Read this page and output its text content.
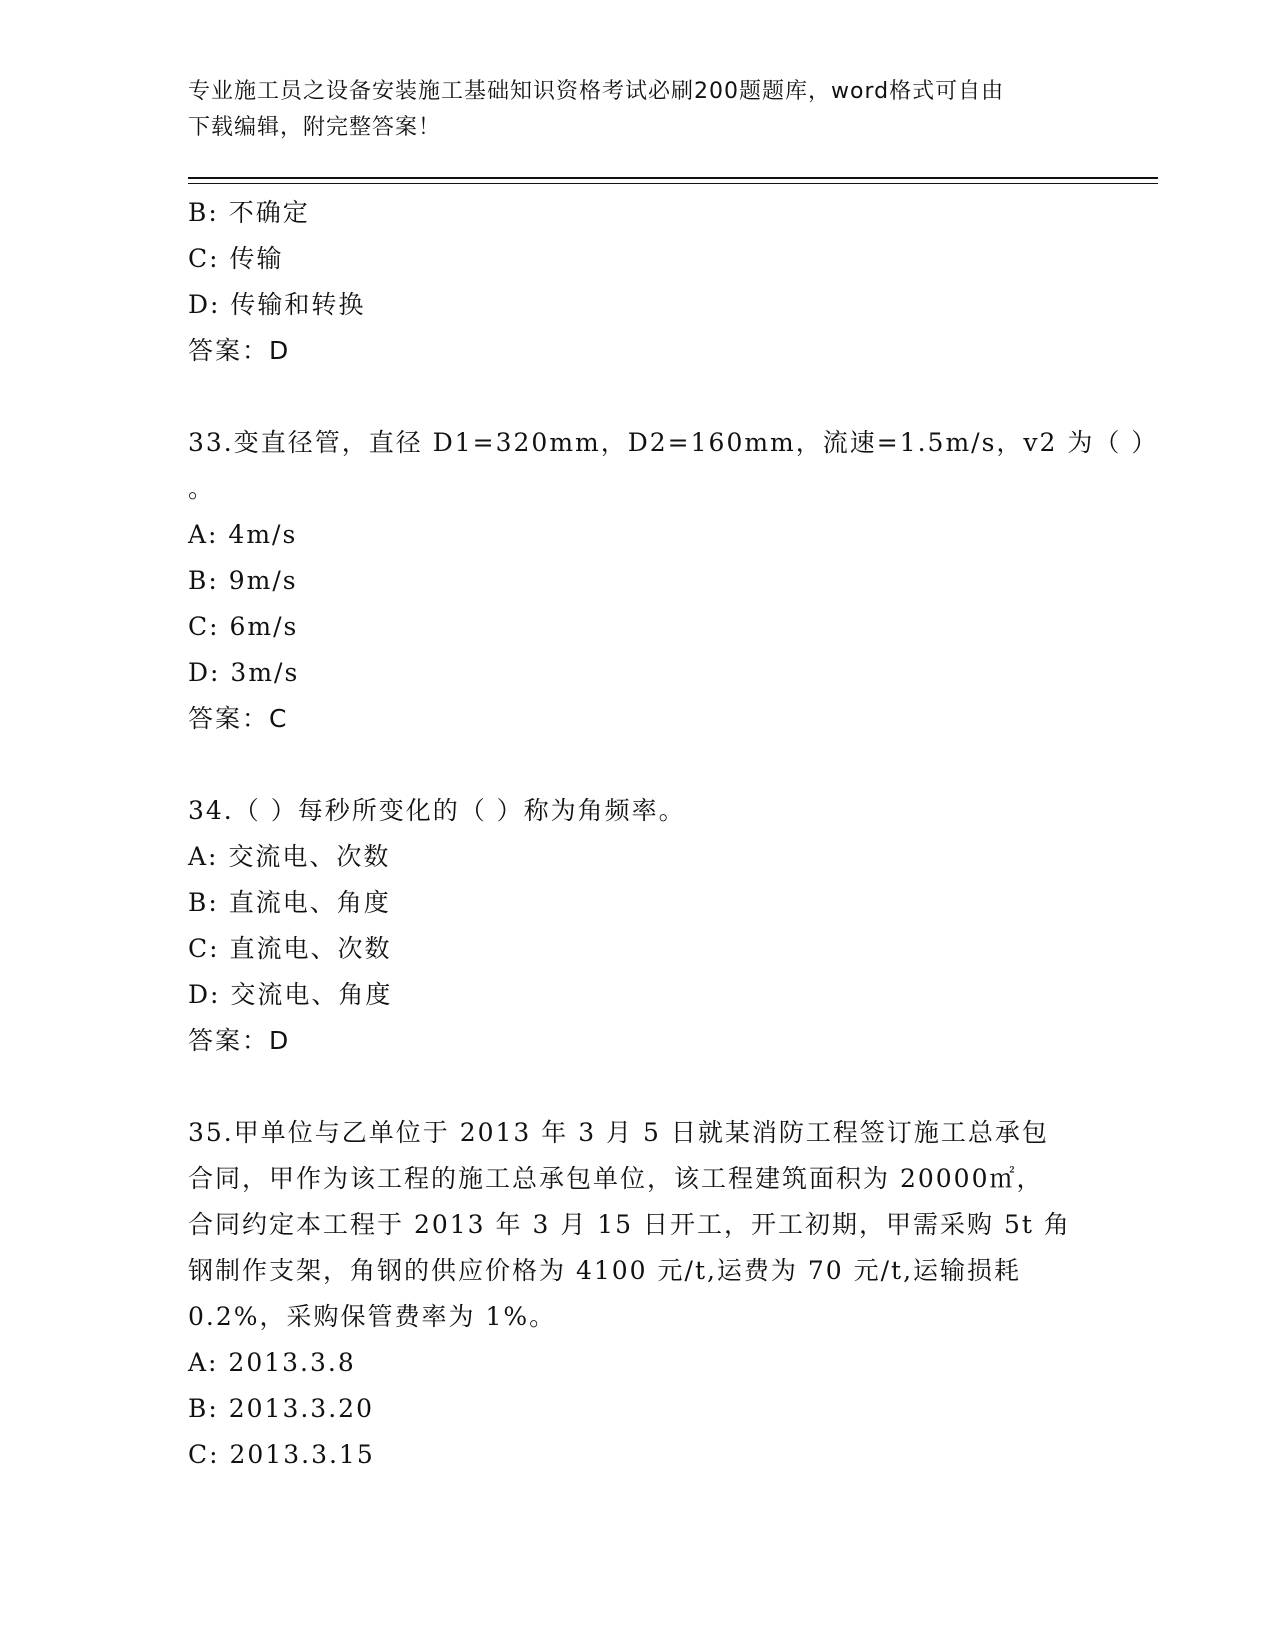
专业施工员之设备安装施工基础知识资格考试必刷200题题库，word格式可自由
下载编辑，附完整答案！
B: 不确定
C: 传输
D: 传输和转换
答案：D
33.变直径管，直径 D1=320mm，D2=160mm，流速=1.5m/s，v2 为（ ）
。
A: 4m/s
B: 9m/s
C: 6m/s
D: 3m/s
答案：C
34.（ ）每秒所变化的（ ）称为角频率。
A: 交流电、次数
B: 直流电、角度
C: 直流电、次数
D: 交流电、角度
答案：D
35.甲单位与乙单位于 2013 年 3 月 5 日就某消防工程签订施工总承包
合同，甲作为该工程的施工总承包单位，该工程建筑面积为 20000㎡，
合同约定本工程于 2013 年 3 月 15 日开工，开工初期，甲需采购 5t 角
钢制作支架，角钢的供应价格为 4100 元/t,运费为 70 元/t,运输损耗
0.2%，采购保管费率为 1%。
A: 2013.3.8
B: 2013.3.20
C: 2013.3.15
